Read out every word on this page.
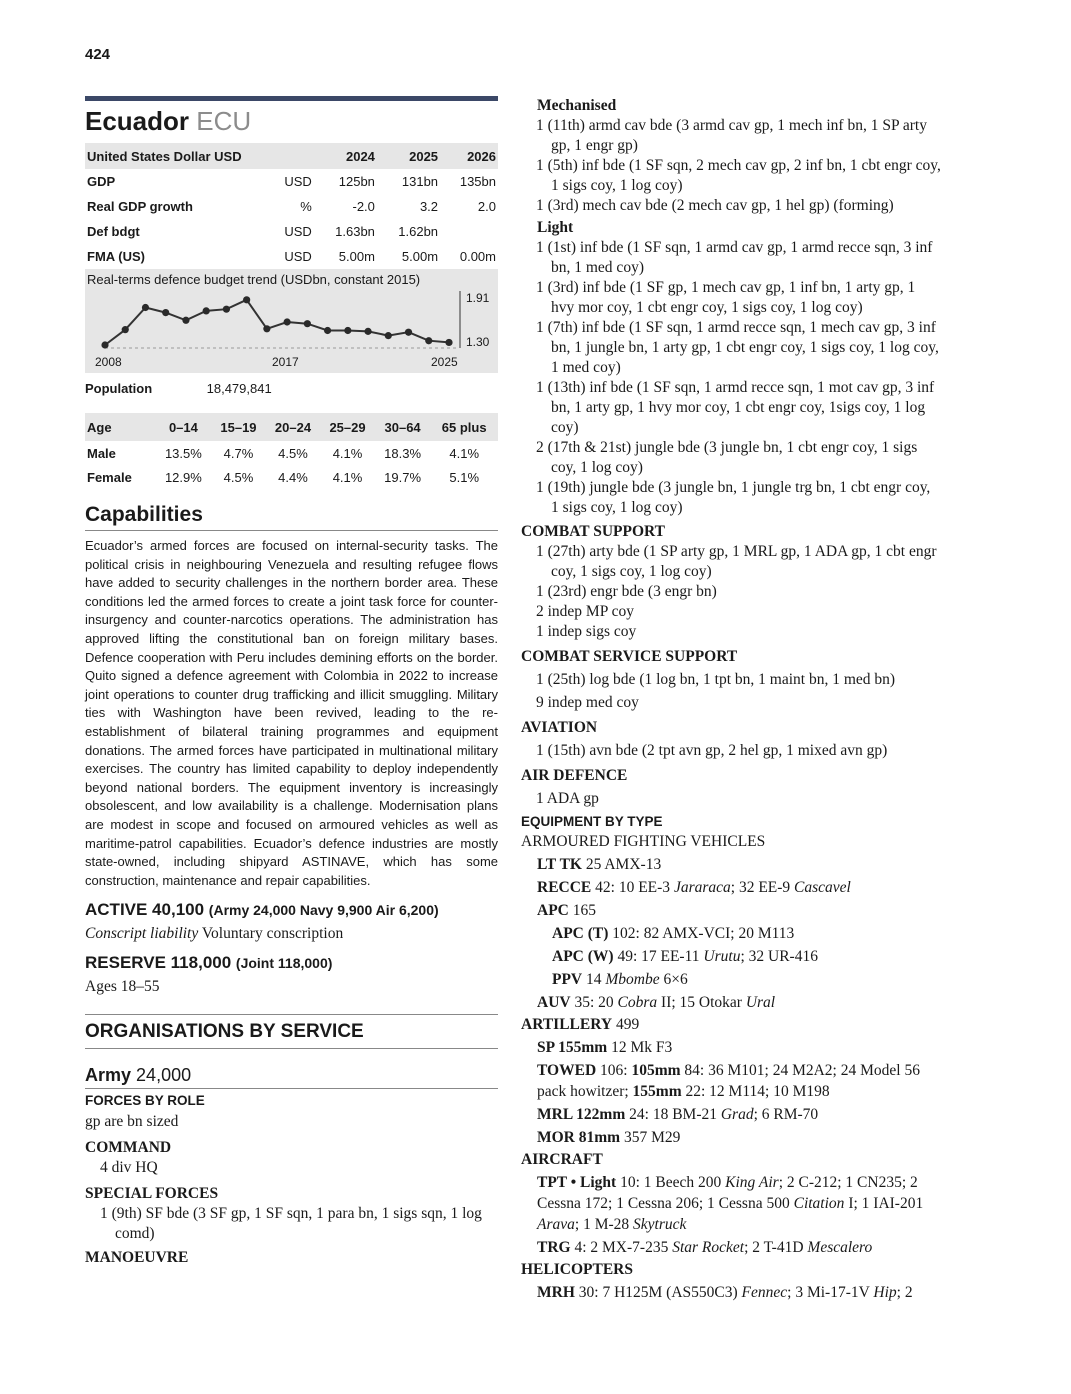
424
Ecuador ECU
United States Dollar USD		2024	2025	2026
GDP	USD	125bn	131bn	135bn
Real GDP growth	%	-2.0	3.2	2.0
Def bdgt	USD	1.63bn	1.62bn	
FMA (US)	USD	5.00m	5.00m	0.00m
Real-terms defence budget trend (USDbn, constant 2015)
1.91
1.30
2008	2017	2025
Population	18,479,841
Age	0–14	15–19	20–24	25–29	30–64	65 plus
Male	13.5%	4.7%	4.5%	4.1%	18.3%	4.1%
Female	12.9%	4.5%	4.4%	4.1%	19.7%	5.1%
Capabilities
Ecuador’s armed forces are focused on internal-security tasks. The political crisis in neighbouring Venezuela and resulting refugee flows have added to security challenges in the northern border area. These conditions led the armed forces to create a joint task force for counter-insurgency and counter-narcotics operations. The administration has approved lifting the constitutional ban on foreign military bases. Defence cooperation with Peru includes demining efforts on the border. Quito signed a defence agreement with Colombia in 2022 to increase joint operations to counter drug trafficking and illicit smuggling. Military ties with Washington have been revived, leading to the re-establishment of bilateral training programmes and equipment donations. The armed forces have participated in multinational military exercises. The country has limited capability to deploy independently beyond national borders. The equipment inventory is increasingly obsolescent, and low availability is a challenge. Modernisation plans are modest in scope and focused on armoured vehicles as well as maritime-patrol capabilities. Ecuador’s defence industries are mostly state-owned, including shipyard ASTINAVE, which has some construction, maintenance and repair capabilities.
ACTIVE 40,100 (Army 24,000 Navy 9,900 Air 6,200)
Conscript liability Voluntary conscription
RESERVE 118,000 (Joint 118,000)
Ages 18–55
ORGANISATIONS BY SERVICE
Army 24,000
FORCES BY ROLE
gp are bn sized
COMMAND
4 div HQ
SPECIAL FORCES
1 (9th) SF bde (3 SF gp, 1 SF sqn, 1 para bn, 1 sigs sqn, 1 log comd)
MANOEUVRE
Mechanised
1 (11th) armd cav bde (3 armd cav gp, 1 mech inf bn, 1 SP arty gp, 1 engr gp)
1 (5th) inf bde (1 SF sqn, 2 mech cav gp, 2 inf bn, 1 cbt engr coy, 1 sigs coy, 1 log coy)
1 (3rd) mech cav bde (2 mech cav gp, 1 hel gp) (forming)
Light
1 (1st) inf bde (1 SF sqn, 1 armd cav gp, 1 armd recce sqn, 3 inf bn, 1 med coy)
1 (3rd) inf bde (1 SF gp, 1 mech cav gp, 1 inf bn, 1 arty gp, 1 hvy mor coy, 1 cbt engr coy, 1 sigs coy, 1 log coy)
1 (7th) inf bde (1 SF sqn, 1 armd recce sqn, 1 mech cav gp, 3 inf bn, 1 jungle bn, 1 arty gp, 1 cbt engr coy, 1 sigs coy, 1 log coy, 1 med coy)
1 (13th) inf bde (1 SF sqn, 1 armd recce sqn, 1 mot cav gp, 3 inf bn, 1 arty gp, 1 hvy mor coy, 1 cbt engr coy, 1sigs coy, 1 log coy)
2 (17th & 21st) jungle bde (3 jungle bn, 1 cbt engr coy, 1 sigs coy, 1 log coy)
1 (19th) jungle bde (3 jungle bn, 1 jungle trg bn, 1 cbt engr coy, 1 sigs coy, 1 log coy)
COMBAT SUPPORT
1 (27th) arty bde (1 SP arty gp, 1 MRL gp, 1 ADA gp, 1 cbt engr coy, 1 sigs coy, 1 log coy)
1 (23rd) engr bde (3 engr bn)
2 indep MP coy
1 indep sigs coy
COMBAT SERVICE SUPPORT
1 (25th) log bde (1 log bn, 1 tpt bn, 1 maint bn, 1 med bn)
9 indep med coy
AVIATION
1 (15th) avn bde (2 tpt avn gp, 2 hel gp, 1 mixed avn gp)
AIR DEFENCE
1 ADA gp
EQUIPMENT BY TYPE
ARMOURED FIGHTING VEHICLES
LT TK 25 AMX-13
RECCE 42: 10 EE-3 Jararaca; 32 EE-9 Cascavel
APC 165
APC (T) 102: 82 AMX-VCI; 20 M113
APC (W) 49: 17 EE-11 Urutu; 32 UR-416
PPV 14 Mbombe 6×6
AUV 35: 20 Cobra II; 15 Otokar Ural
ARTILLERY 499
SP 155mm 12 Mk F3
TOWED 106: 105mm 84: 36 M101; 24 M2A2; 24 Model 56 pack howitzer; 155mm 22: 12 M114; 10 M198
MRL 122mm 24: 18 BM-21 Grad; 6 RM-70
MOR 81mm 357 M29
AIRCRAFT
TPT • Light 10: 1 Beech 200 King Air; 2 C-212; 1 CN235; 2 Cessna 172; 1 Cessna 206; 1 Cessna 500 Citation I; 1 IAI-201 Arava; 1 M-28 Skytruck
TRG 4: 2 MX-7-235 Star Rocket; 2 T-41D Mescalero
HELICOPTERS
MRH 30: 7 H125M (AS550C3) Fennec; 3 Mi-17-1V Hip; 2
